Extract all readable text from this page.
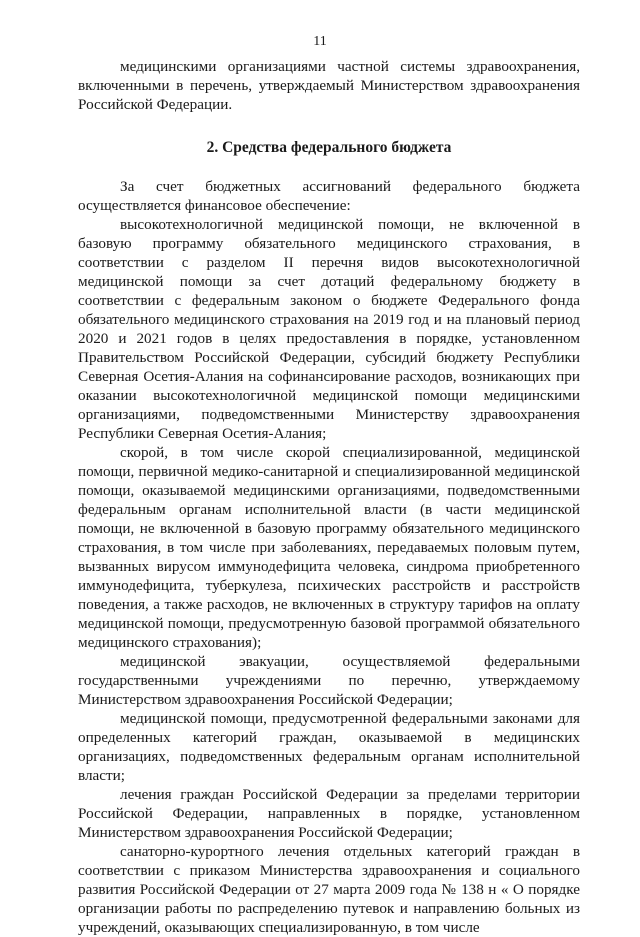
11

медицинскими организациями частной системы здравоохранения, включенными в перечень, утверждаемый Министерством здравоохранения Российской Федерации.

2. Средства федерального бюджета

За счет бюджетных ассигнований федерального бюджета осуществляется финансовое обеспечение:

высокотехнологичной медицинской помощи, не включенной в базовую программу обязательного медицинского страхования, в соответствии с разделом II перечня видов высокотехнологичной медицинской помощи за счет дотаций федеральному бюджету в соответствии с федеральным законом о бюджете Федерального фонда обязательного медицинского страхования на 2019 год и на плановый период 2020 и 2021 годов в целях предоставления в порядке, установленном Правительством Российской Федерации, субсидий бюджету Республики Северная Осетия-Алания на софинансирование расходов, возникающих при оказании высокотехнологичной медицинской помощи медицинскими организациями, подведомственными Министерству здравоохранения Республики Северная Осетия-Алания;

скорой, в том числе скорой специализированной, медицинской помощи, первичной медико-санитарной и специализированной медицинской помощи, оказываемой медицинскими организациями, подведомственными федеральным органам исполнительной власти (в части медицинской помощи, не включенной в базовую программу обязательного медицинского страхования, в том числе при заболеваниях, передаваемых половым путем, вызванных вирусом иммунодефицита человека, синдрома приобретенного иммунодефицита, туберкулеза, психических расстройств и расстройств поведения, а также расходов, не включенных в структуру тарифов на оплату медицинской помощи, предусмотренную базовой программой обязательного медицинского страхования);

медицинской эвакуации, осуществляемой федеральными государственными учреждениями по перечню, утверждаемому Министерством здравоохранения Российской Федерации;

медицинской помощи, предусмотренной федеральными законами для определенных категорий граждан, оказываемой в медицинских организациях, подведомственных федеральным органам исполнительной власти;

лечения граждан Российской Федерации за пределами территории Российской Федерации, направленных в порядке, установленном Министерством здравоохранения Российской Федерации;

санаторно-курортного лечения отдельных категорий граждан в соответствии с приказом Министерства здравоохранения и социального развития Российской Федерации от 27 марта 2009 года № 138 н « О порядке организации работы по распределению путевок и направлению больных из учреждений, оказывающих специализированную, в том числе
